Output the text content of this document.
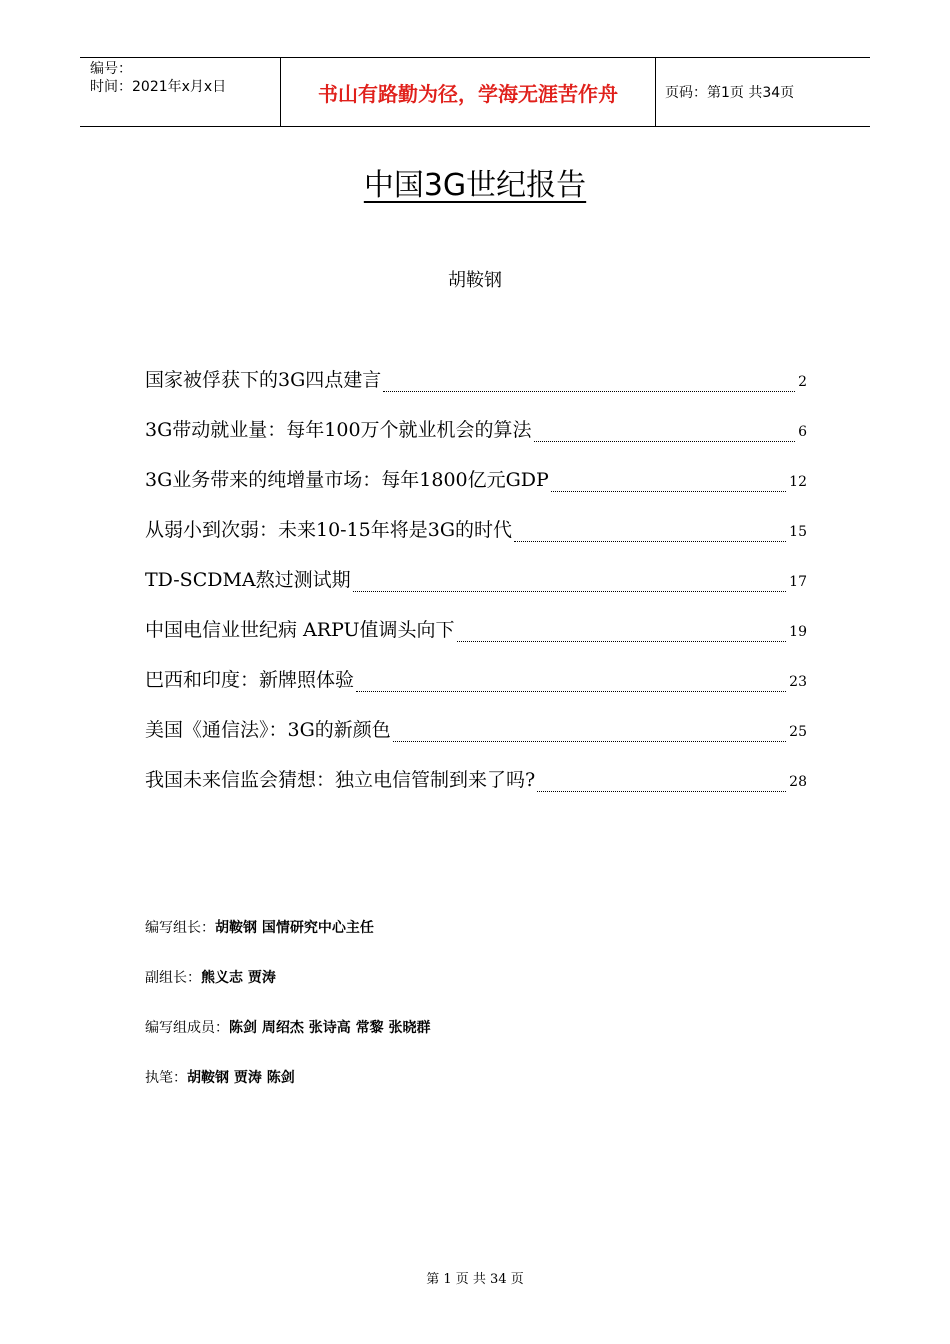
编号：
时间：2021年x月x日	书山有路勤为径，学海无涯苦作舟	页码：第1页 共34页
中国3G世纪报告
胡鞍钢
国家被俘获下的3G四点建言	2
3G带动就业量：每年100万个就业机会的算法	6
3G业务带来的纯增量市场：每年1800亿元GDP	12
从弱小到次弱：未来10-15年将是3G的时代	15
TD-SCDMA熬过测试期	17
中国电信业世纪病 ARPU值调头向下	19
巴西和印度：新牌照体验	23
美国《通信法》：3G的新颜色	25
我国未来信监会猜想：独立电信管制到来了吗?	28
编写组长： 胡鞍钢 国情研究中心主任
副组长： 熊义志 贾涛
编写组成员： 陈剑 周绍杰 张诗高 常黎 张晓群
执笔： 胡鞍钢 贾涛 陈剑
第 1 页 共 34 页
